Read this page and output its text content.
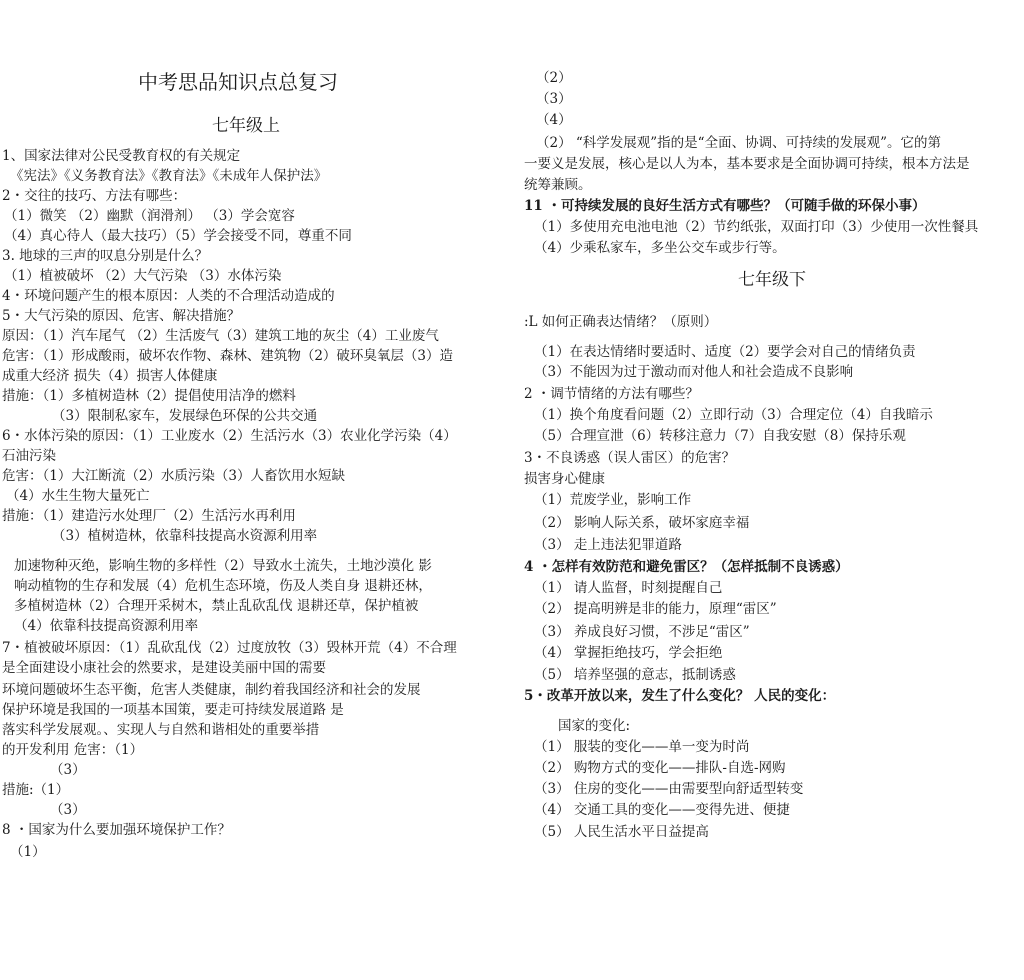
中考思品知识点总复习
七年级上
1、国家法律对公民受教育权的有关规定
《宪法》《义务教育法》《教育法》《未成年人保护法》
2・交往的技巧、方法有哪些：
（1）微笑 （2）幽默（润滑剂） （3）学会宽容
（4）真心待人（最大技巧）（5）学会接受不同，尊重不同
3. 地球的三声的叹息分别是什么？
（1）植被破坏 （2）大气污染 （3）水体污染
4・环境问题产生的根本原因：人类的不合理活动造成的
5・大气污染的原因、危害、解决措施？
原因：（1）汽车尾气 （2）生活废气（3）建筑工地的灰尘（4）工业废气
危害：（1）形成酸雨，破坏农作物、森林、建筑物（2）破环臭氧层（3）造
成重大经济 损失（4）损害人体健康
措施：（1）多植树造林（2）提倡使用洁净的燃料
（3）限制私家车，发展绿色环保的公共交通
6・水体污染的原因：（1）工业废水（2）生活污水（3）农业化学污染（4）
石油污染
危害：（1）大江断流（2）水质污染（3）人畜饮用水短缺
（4）水生生物大量死亡
措施：（1）建造污水处理厂（2）生活污水再利用
（3）植树造林，依靠科技提高水资源利用率
加速物种灭绝，影响生物的多样性（2）导致水土流失，土地沙漠化 影
响动植物的生存和发展（4）危机生态环境，伤及人类自身 退耕还林，
多植树造林（2）合理开采树木，禁止乱砍乱伐 退耕还草，保护植被
（4）依靠科技提高资源利用率
7・植被破坏原因：（1）乱砍乱伐（2）过度放牧（3）毁林开荒（4）不合理
是全面建设小康社会的然要求，是建设美丽中国的需要
环境问题破坏生态平衡，危害人类健康，制约着我国经济和社会的发展
保护环境是我国的一项基本国策，要走可持续发展道路 是
落实科学发展观。、实现人与自然和谐相处的重要举措
的开发利用 危害：（1）
（3）
措施:（1）
（3）
8 ・国家为什么要加强环境保护工作？
（1）
（2）
（3）
（4）
（2） “科学发展观”指的是“全面、协调、可持续的发展观”。它的第
一要义是发展，核心是以人为本，基本要求是全面协调可持续，根本方法是
统筹兼顾。
11 ・可持续发展的良好生活方式有哪些？（可随手做的环保小事）
（1）多使用充电池电池（2）节约纸张，双面打印（3）少使用一次性餐具
（4）少乘私家车，多坐公交车或步行等。
七年级下
:L 如何正确表达情绪？（原则）
（1）在表达情绪时要适时、适度（2）要学会对自己的情绪负责
（3）不能因为过于激动而对他人和社会造成不良影响
2 ・调节情绪的方法有哪些？
（1）换个角度看问题（2）立即行动（3）合理定位（4）自我暗示
（5）合理宣泄（6）转移注意力（7）自我安慰（8）保持乐观
3・不良诱惑（误人雷区）的危害？
损害身心健康
（1）荒废学业，影响工作
（2） 影响人际关系，破坏家庭幸福
（3） 走上违法犯罪道路
4 ・怎样有效防范和避免雷区？（怎样抵制不良诱惑）
（1） 请人监督，时刻提醒自己
（2） 提高明辨是非的能力，原理“雷区”
（3） 养成良好习惯，不涉足“雷区”
（4） 掌握拒绝技巧，学会拒绝
（5） 培养坚强的意志，抵制诱惑
5・改革开放以来，发生了什么变化？ 人民的变化：
国家的变化:
（1） 服装的变化——单一变为时尚
（2） 购物方式的变化——排队-自选-网购
（3） 住房的变化——由需要型向舒适型转变
（4） 交通工具的变化——变得先进、便捷
（5） 人民生活水平日益提高
